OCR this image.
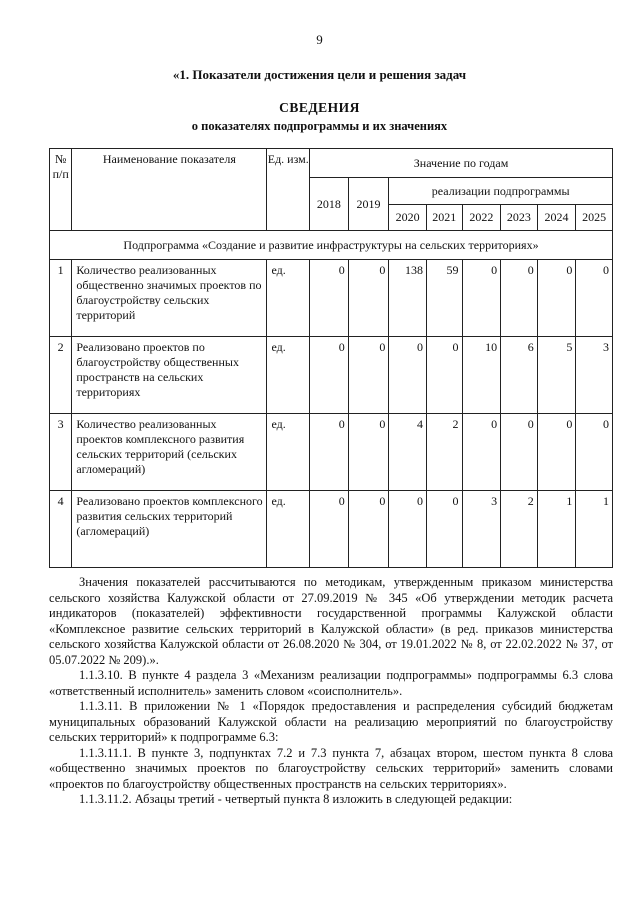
9
«1. Показатели достижения цели и решения задач
СВЕДЕНИЯ
о показателях подпрограммы и их значениях
№ п/п	Наименование показателя	Ед. изм.	Значение по годам							
			2018	2019	реализации подпрограммы					
					2020	2021	2022	2023	2024	2025
Подпрограмма «Создание и развитие инфраструктуры на сельских территориях»										
1	Количество реализованных общественно значимых проектов по благоустройству сельских территорий	ед.	0	0	138	59	0	0	0	0
2	Реализовано проектов по благоустройству общественных пространств на сельских территориях	ед.	0	0	0	0	10	6	5	3
3	Количество реализованных проектов комплексного развития сельских территорий (сельских агломераций)	ед.	0	0	4	2	0	0	0	0
4	Реализовано проектов комплексного развития сельских территорий (агломераций)	ед.	0	0	0	0	3	2	1	1

Значения показателей рассчитываются по методикам, утвержденным приказом министерства сельского хозяйства Калужской области от 27.09.2019 № 345 «Об утверждении методик расчета индикаторов (показателей) эффективности государственной программы Калужской области «Комплексное развитие сельских территорий в Калужской области» (в ред. приказов министерства сельского хозяйства Калужской области от 26.08.2020 № 304, от 19.01.2022 № 8, от 22.02.2022 № 37, от 05.07.2022 № 209).».

1.1.3.10. В пункте 4 раздела 3 «Механизм реализации подпрограммы» подпрограммы 6.3 слова «ответственный исполнитель» заменить словом «соисполнитель».

1.1.3.11. В приложении № 1 «Порядок предоставления и распределения субсидий бюджетам муниципальных образований Калужской области на реализацию мероприятий по благоустройству сельских территорий» к подпрограмме 6.3:

1.1.3.11.1. В пункте 3, подпунктах 7.2 и 7.3 пункта 7, абзацах втором, шестом пункта 8 слова «общественно значимых проектов по благоустройству сельских территорий» заменить словами «проектов по благоустройству общественных пространств на сельских территориях».

1.1.3.11.2. Абзацы третий - четвертый пункта 8 изложить в следующей редакции:
